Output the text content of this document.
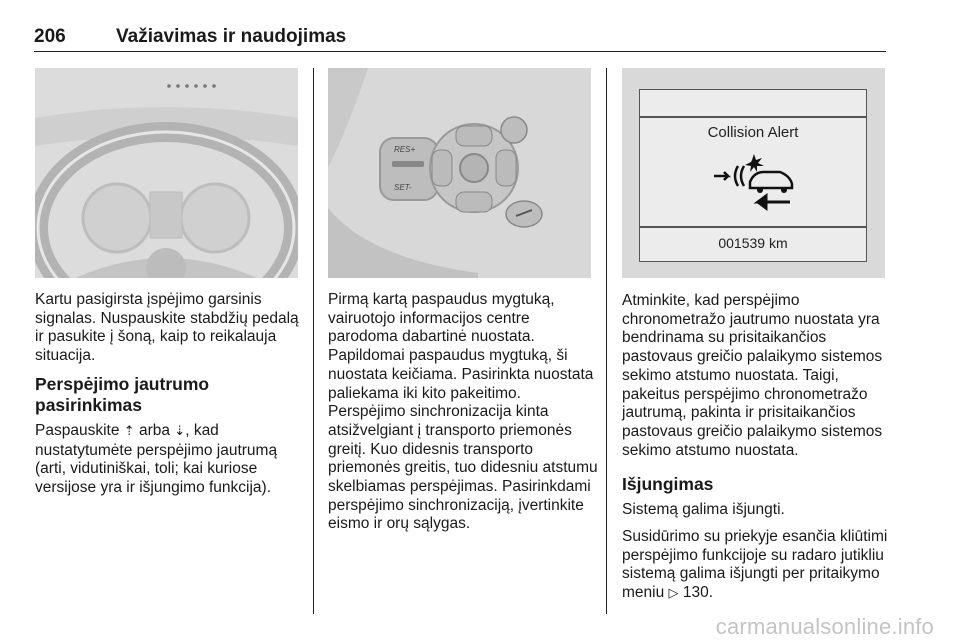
206	Važiavimas ir naudojimas
RES+
SET-
Collision Alert
001539 km

Kartu pasigirsta įspėjimo garsinis signalas. Nuspauskite stabdžių pedalą ir pasukite į šoną, kaip to reikalauja situacija.

Perspėjimo jautrumo pasirinkimas

Paspauskite ⇡ arba ⇣, kad nustatytumėte perspėjimo jautrumą (arti, vidutiniškai, toli; kai kuriose versijose yra ir išjungimo funkcija).

Pirmą kartą paspaudus mygtuką, vairuotojo informacijos centre parodoma dabartinė nuostata. Papildomai paspaudus mygtuką, ši nuostata keičiama. Pasirinkta nuostata paliekama iki kito pakeitimo. Perspėjimo sinchronizacija kinta atsižvelgiant į transporto priemonės greitį. Kuo didesnis transporto priemonės greitis, tuo didesniu atstumu skelbiamas perspėjimas. Pasirinkdami perspėjimo sinchronizaciją, įvertinkite eismo ir orų sąlygas.

Atminkite, kad perspėjimo chronometražo jautrumo nuostata yra bendrinama su prisitaikančios pastovaus greičio palaikymo sistemos sekimo atstumo nuostata. Taigi, pakeitus perspėjimo chronometražo jautrumą, pakinta ir prisitaikančios pastovaus greičio palaikymo sistemos sekimo atstumo nuostata.

Išjungimas

Sistemą galima išjungti.

Susidūrimo su priekyje esančia kliūtimi perspėjimo funkcijoje su radaro jutikliu sistemą galima išjungti per pritaikymo meniu ▷ 130.

carmanualsonline.info
